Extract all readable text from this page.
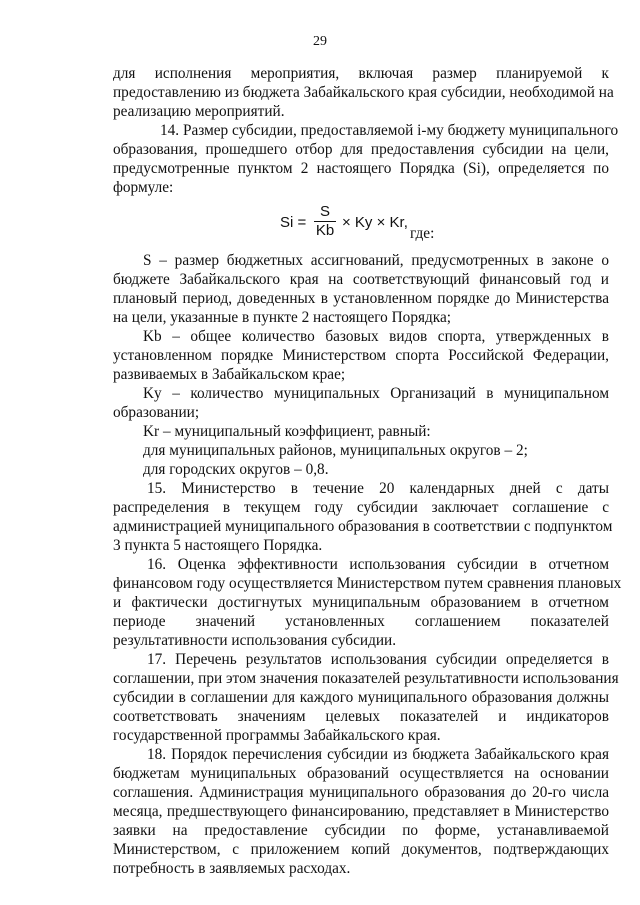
29
для исполнения мероприятия, включая размер планируемой к
предоставлению из бюджета Забайкальского края субсидии, необходимой на
реализацию мероприятий.
14. Размер субсидии, предоставляемой i-му бюджету муниципального
образования, прошедшего отбор для предоставления субсидии на цели,
предусмотренные пунктом 2 настоящего Порядка (Si), определяется по
формуле:
Si =
S
Kb × Ky × Kr,
где:
S – размер бюджетных ассигнований, предусмотренных в законе о
бюджете Забайкальского края на соответствующий финансовый год и
плановый период, доведенных в установленном порядке до Министерства
на цели, указанные в пункте 2 настоящего Порядка;
Kb – общее количество базовых видов спорта, утвержденных в
установленном порядке Министерством спорта Российской Федерации,
развиваемых в Забайкальском крае;
Ky – количество муниципальных Организаций в муниципальном
образовании;
Kr – муниципальный коэффициент, равный:
для муниципальных районов, муниципальных округов – 2;
для городских округов – 0,8.
15. Министерство в течение 20 календарных дней с даты
распределения в текущем году субсидии заключает соглашение с
администрацией муниципального образования в соответствии с подпунктом
3 пункта 5 настоящего Порядка.
16. Оценка эффективности использования субсидии в отчетном
финансовом году осуществляется Министерством путем сравнения плановых
и фактически достигнутых муниципальным образованием в отчетном
периоде значений установленных соглашением показателей
результативности использования субсидии.
17. Перечень результатов использования субсидии определяется в
соглашении, при этом значения показателей результативности использования
субсидии в соглашении для каждого муниципального образования должны
соответствовать значениям целевых показателей и индикаторов
государственной программы Забайкальского края.
18. Порядок перечисления субсидии из бюджета Забайкальского края
бюджетам муниципальных образований осуществляется на основании
соглашения. Администрация муниципального образования до 20-го числа
месяца, предшествующего финансированию, представляет в Министерство
заявки на предоставление субсидии по форме, устанавливаемой
Министерством, с приложением копий документов, подтверждающих
потребность в заявляемых расходах.
